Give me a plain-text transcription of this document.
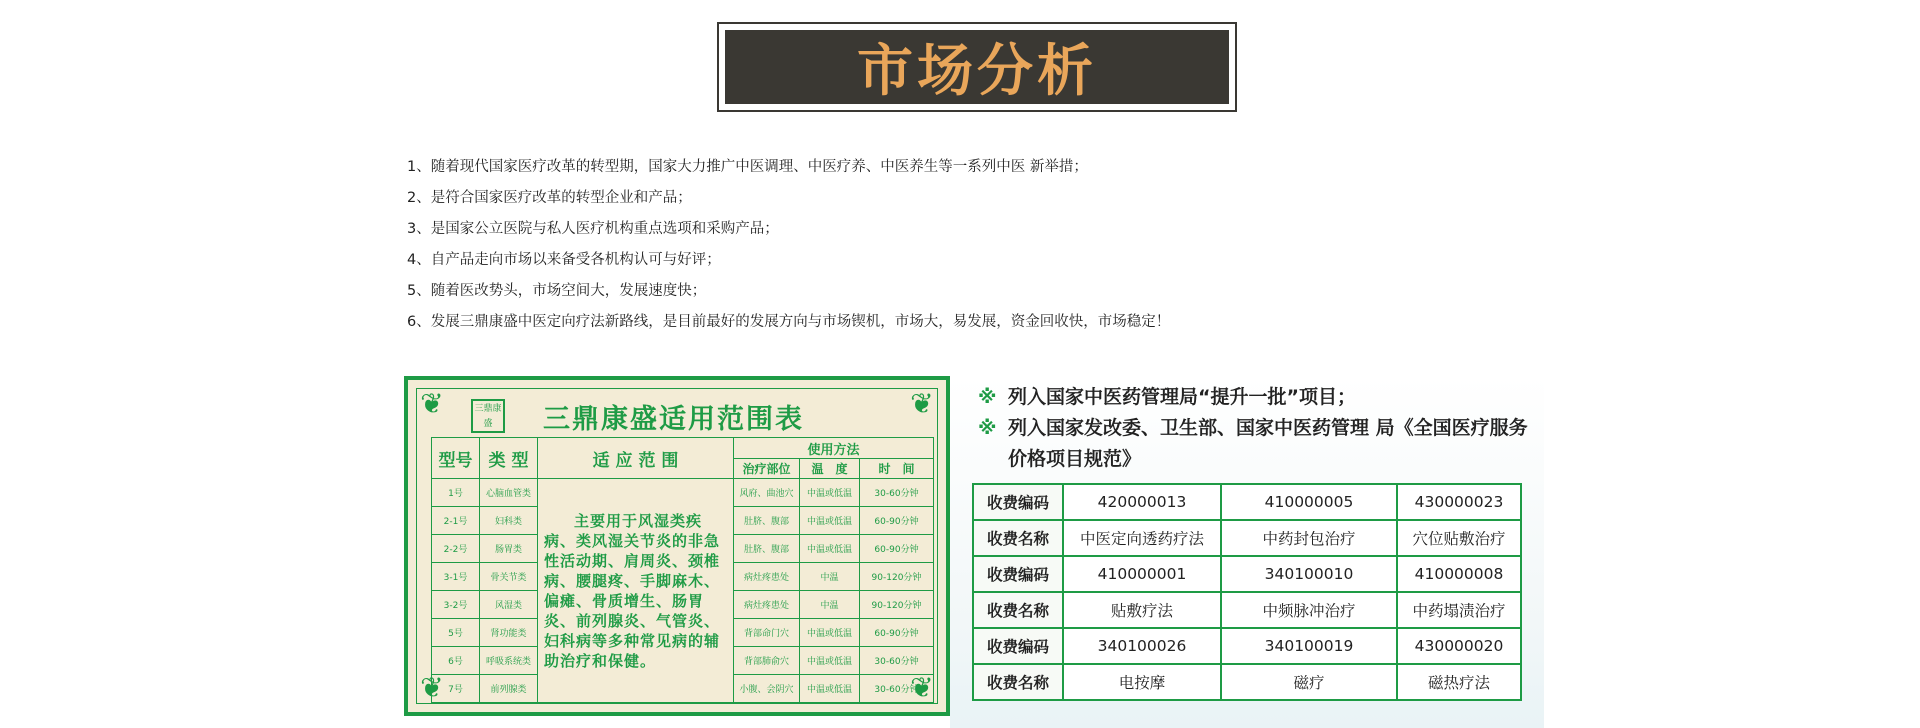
市场分析
1、随着现代国家医疗改革的转型期，国家大力推广中医调理、中医疗养、中医养生等一系列中医 新举措；
2、是符合国家医疗改革的转型企业和产品；
3、是国家公立医院与私人医疗机构重点选项和采购产品；
4、自产品走向市场以来备受各机构认可与好评；
5、随着医改势头，市场空间大，发展速度快；
6、发展三鼎康盛中医定向疗法新路线，是目前最好的发展方向与市场锲机，市场大，易发展，资金回收快，市场稳定！
❦	❦
❦	❦
三鼎康盛	三鼎康盛适用范围表
型号	类 型	适 应 范 围	使用方法		
			治疗部位	温　度	时　间
1号	心脑血管类	主要用于风湿类疾病、类风湿关节炎的非急性活动期、肩周炎、颈椎病、腰腿疼、手脚麻木、偏瘫、骨质增生、肠胃炎、前列腺炎、气管炎、妇科病等多种常见病的辅助治疗和保健。	风府、曲池穴	中温或低温	30-60分钟
2-1号	妇科类		肚脐、腹部	中温或低温	60-90分钟
2-2号	肠胃类		肚脐、腹部	中温或低温	60-90分钟
3-1号	骨关节类		病灶疼患处	中温	90-120分钟
3-2号	风湿类		病灶疼患处	中温	90-120分钟
5号	肾功能类		背部命门穴	中温或低温	60-90分钟
6号	呼吸系统类		背部肺俞穴	中温或低温	30-60分钟
7号	前列腺类		小腹、会阴穴	中温或低温	30-60分钟
※ 列入国家中医药管理局“提升一批”项目；
※ 列入国家发改委、卫生部、国家中医药管理 局《全国医疗服务价格项目规范》
收费编码	420000013	410000005	430000023
收费名称	中医定向透药疗法	中药封包治疗	穴位贴敷治疗
收费编码	410000001	340100010	410000008
收费名称	贴敷疗法	中频脉冲治疗	中药塌渍治疗
收费编码	340100026	340100019	430000020
收费名称	电按摩	磁疗	磁热疗法
